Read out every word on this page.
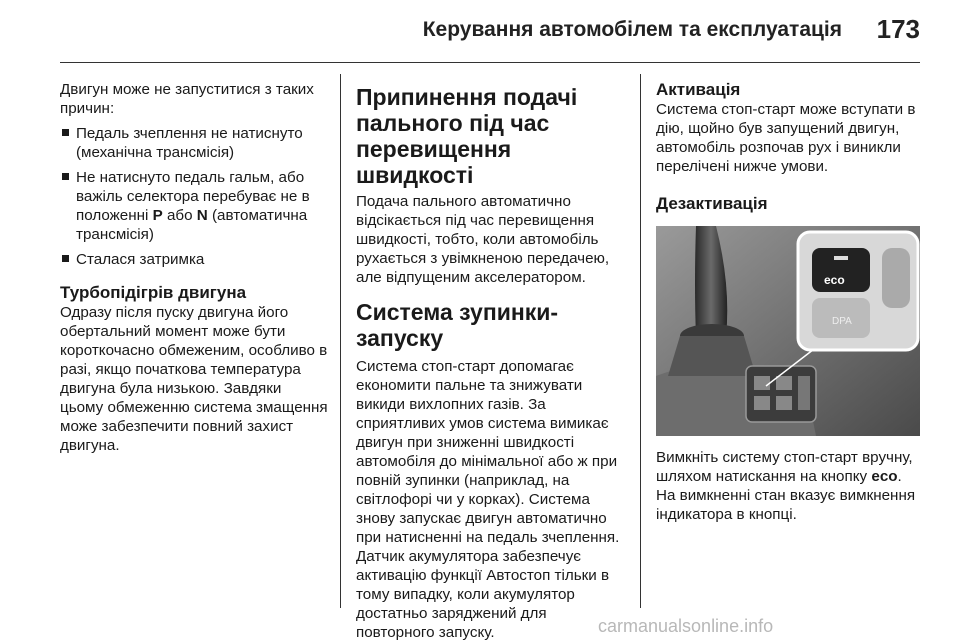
Керування автомобілем та експлуатація 173

Двигун може не запуститися з таких причин:

Педаль зчеплення не натиснуто (механічна трансмісія)
Не натиснуто педаль гальм, або важіль селектора перебуває не в положенні P або N (автоматична трансмісія)
Сталася затримка
Турбопідігрів двигуна

Одразу після пуску двигуна його обертальний момент може бути короткочасно обмеженим, особливо в разі, якщо початкова температура двигуна була низькою. Завдяки цьому обмеженню система змащення може забезпечити повний захист двигуна.

Припинення подачі пального під час перевищення швидкості

Подача пального автоматично відсікається під час перевищення швидкості, тобто, коли автомобіль рухається з увімкненою передачею, але відпущеним акселератором.

Система зупинки-запуску

Система стоп-старт допомагає економити пальне та знижувати викиди вихлопних газів. За сприятливих умов система вимикає двигун при зниженні швидкості автомобіля до мінімальної або ж при повній зупинки (наприклад, на світлофорі чи у корках). Система знову запускає двигун автоматично при натисненні на педаль зчеплення. Датчик акумулятора забезпечує активацію функції Автостоп тільки в тому випадку, коли акумулятор достатньо заряджений для повторного запуску.

Активація

Система стоп-старт може вступати в дію, щойно був запущений двигун, автомобіль розпочав рух і виникли перелічені нижче умови.

Дезактивація
eco
DPA

Вимкніть систему стоп-старт вручну, шляхом натискання на кнопку eco. На вимкненні стан вказує вимкнення індикатора в кнопці.

carmanualsonline.info
